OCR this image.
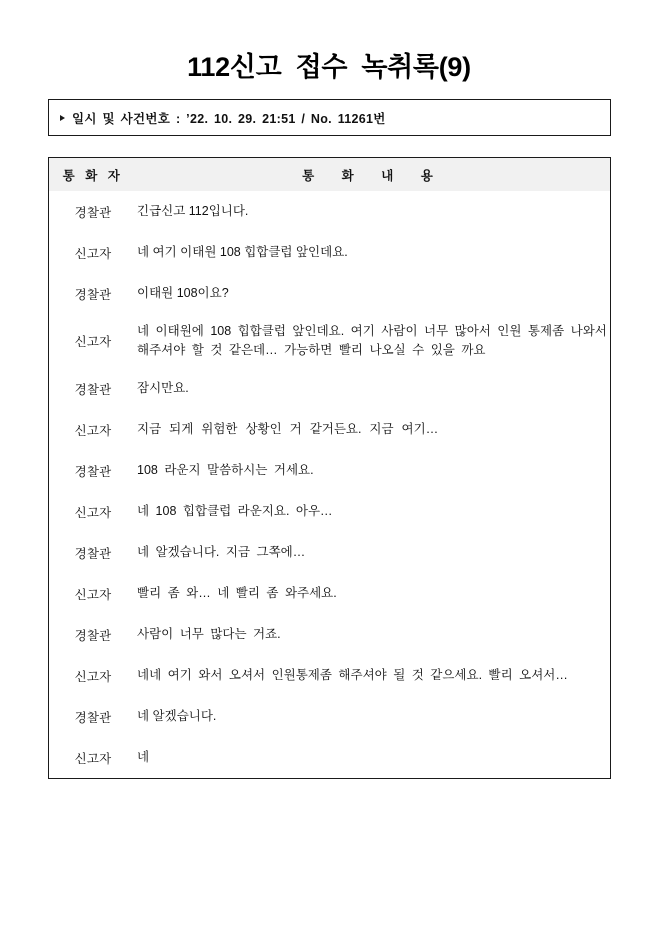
112신고 접수 녹취록(9)
일시 및 사건번호 : ’22. 10. 29. 21:51 / No. 11261번
통 화 자	통 화 내 용
경찰관	긴급신고 112입니다.

신고자	네 여기 이태원 108 힙합클럽 앞인데요.

경찰관	이태원 108이요?

신고자	네 이태원에 108 힙합클럽 앞인데요. 여기 사람이 너무 많아서 인원 통제좀 나와서
해주셔야 할 것 같은데… 가능하면 빨리 나오실 수 있을 까요

경찰관	잠시만요.

신고자	지금 되게 위험한 상황인 거 같거든요. 지금 여기…

경찰관	108 라운지 말씀하시는 거세요.

신고자	네 108 힙합클럽 라운지요. 아우…

경찰관	네 알겠습니다. 지금 그쪽에…

신고자	빨리 좀 와… 네 빨리 좀 와주세요.

경찰관	사람이 너무 많다는 거죠.

신고자	네네 여기 와서 오셔서 인원통제좀 해주셔야 될 것 같으세요. 빨리 오셔서…

경찰관	네 알겠습니다.

신고자	네
